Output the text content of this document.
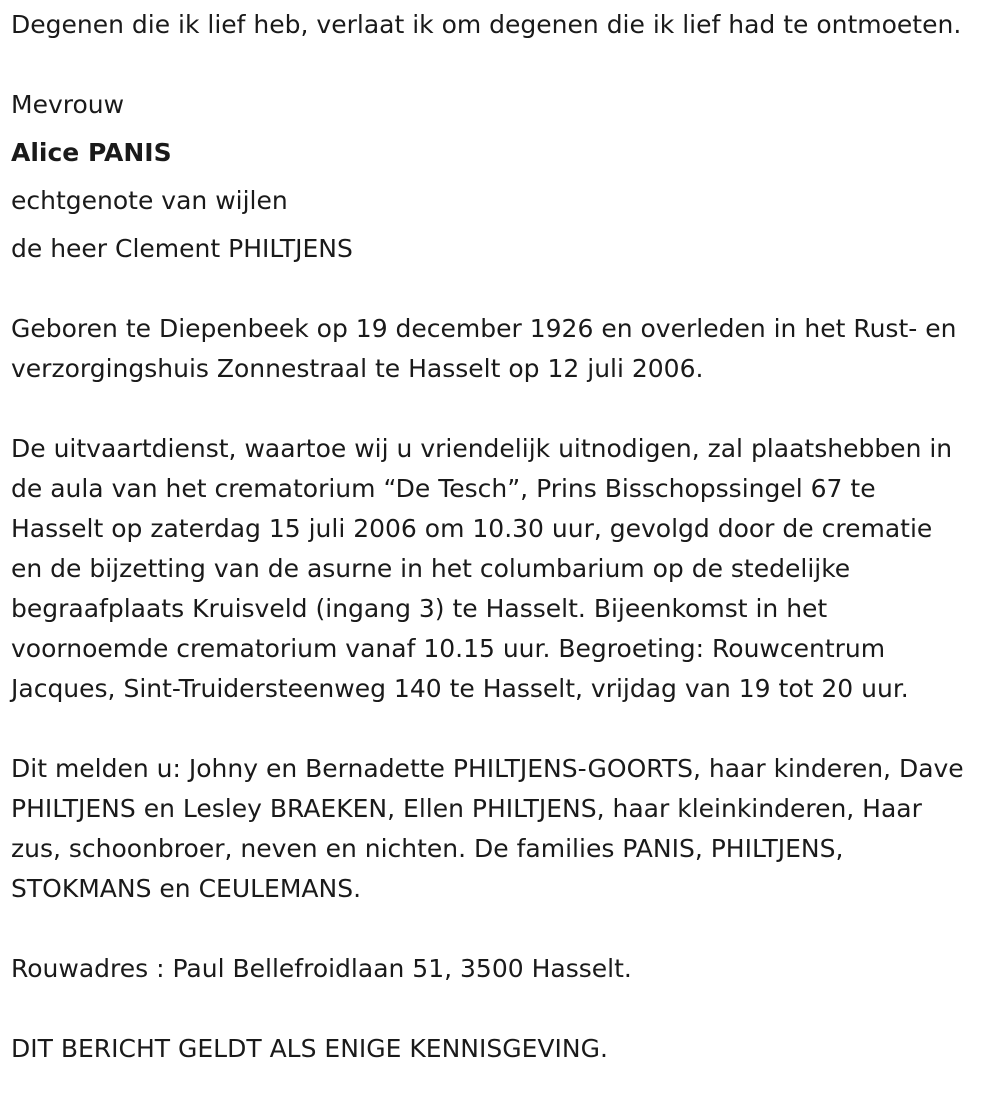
Degenen die ik lief heb, verlaat ik om degenen die ik lief had te ontmoeten.

Mevrouw

Alice PANIS

echtgenote van wijlen

de heer Clement PHILTJENS

Geboren te Diepenbeek op 19 december 1926 en overleden in het Rust- en verzorgingshuis Zonnestraal te Hasselt op 12 juli 2006.

De uitvaartdienst, waartoe wij u vriendelijk uitnodigen, zal plaatshebben in de aula van het crematorium “De Tesch”, Prins Bisschopssingel 67 te Hasselt op zaterdag 15 juli 2006 om 10.30 uur, gevolgd door de crematie en de bijzetting van de asurne in het columbarium op de stedelijke begraafplaats Kruisveld (ingang 3) te Hasselt. Bijeenkomst in het voornoemde crematorium vanaf 10.15 uur. Begroeting: Rouwcentrum Jacques, Sint-Truidersteenweg 140 te Hasselt, vrijdag van 19 tot 20 uur.

Dit melden u: Johny en Bernadette PHILTJENS-GOORTS, haar kinderen, Dave PHILTJENS en Lesley BRAEKEN, Ellen PHILTJENS, haar kleinkinderen, Haar zus, schoonbroer, neven en nichten. De families PANIS, PHILTJENS, STOKMANS en CEULEMANS.

Rouwadres : Paul Bellefroidlaan 51, 3500 Hasselt.

DIT BERICHT GELDT ALS ENIGE KENNISGEVING.
